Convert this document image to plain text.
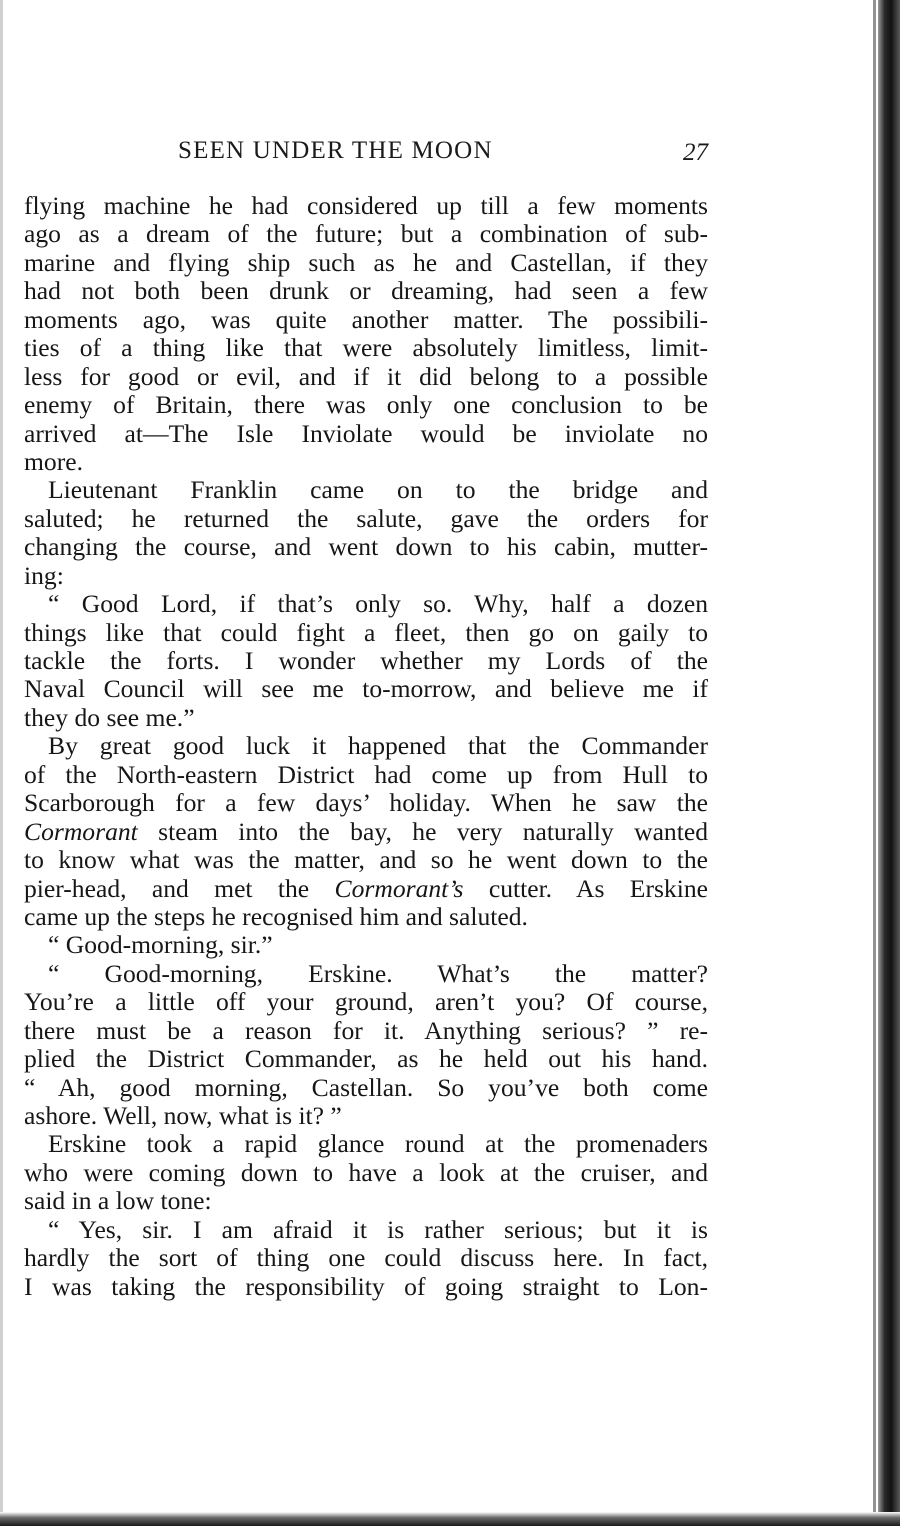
SEEN UNDER THE MOON	27
flying machine he had considered up till a few moments
ago as a dream of the future; but a combination of sub-
marine and flying ship such as he and Castellan, if they
had not both been drunk or dreaming, had seen a few
moments ago, was quite another matter. The possibili-
ties of a thing like that were absolutely limitless, limit-
less for good or evil, and if it did belong to a possible
enemy of Britain, there was only one conclusion to be
arrived at—The Isle Inviolate would be inviolate no
more.
Lieutenant Franklin came on to the bridge and
saluted; he returned the salute, gave the orders for
changing the course, and went down to his cabin, mutter-
ing:
“ Good Lord, if that’s only so. Why, half a dozen
things like that could fight a fleet, then go on gaily to
tackle the forts. I wonder whether my Lords of the
Naval Council will see me to-morrow, and believe me if
they do see me.”
By great good luck it happened that the Commander
of the North-eastern District had come up from Hull to
Scarborough for a few days’ holiday. When he saw the
Cormorant steam into the bay, he very naturally wanted
to know what was the matter, and so he went down to the
pier-head, and met the Cormorant’s cutter. As Erskine
came up the steps he recognised him and saluted.
“ Good-morning, sir.”
“ Good-morning, Erskine. What’s the matter?
You’re a little off your ground, aren’t you? Of course,
there must be a reason for it. Anything serious? ” re-
plied the District Commander, as he held out his hand.
“ Ah, good morning, Castellan. So you’ve both come
ashore. Well, now, what is it? ”
Erskine took a rapid glance round at the promenaders
who were coming down to have a look at the cruiser, and
said in a low tone:
“ Yes, sir. I am afraid it is rather serious; but it is
hardly the sort of thing one could discuss here. In fact,
I was taking the responsibility of going straight to Lon-
